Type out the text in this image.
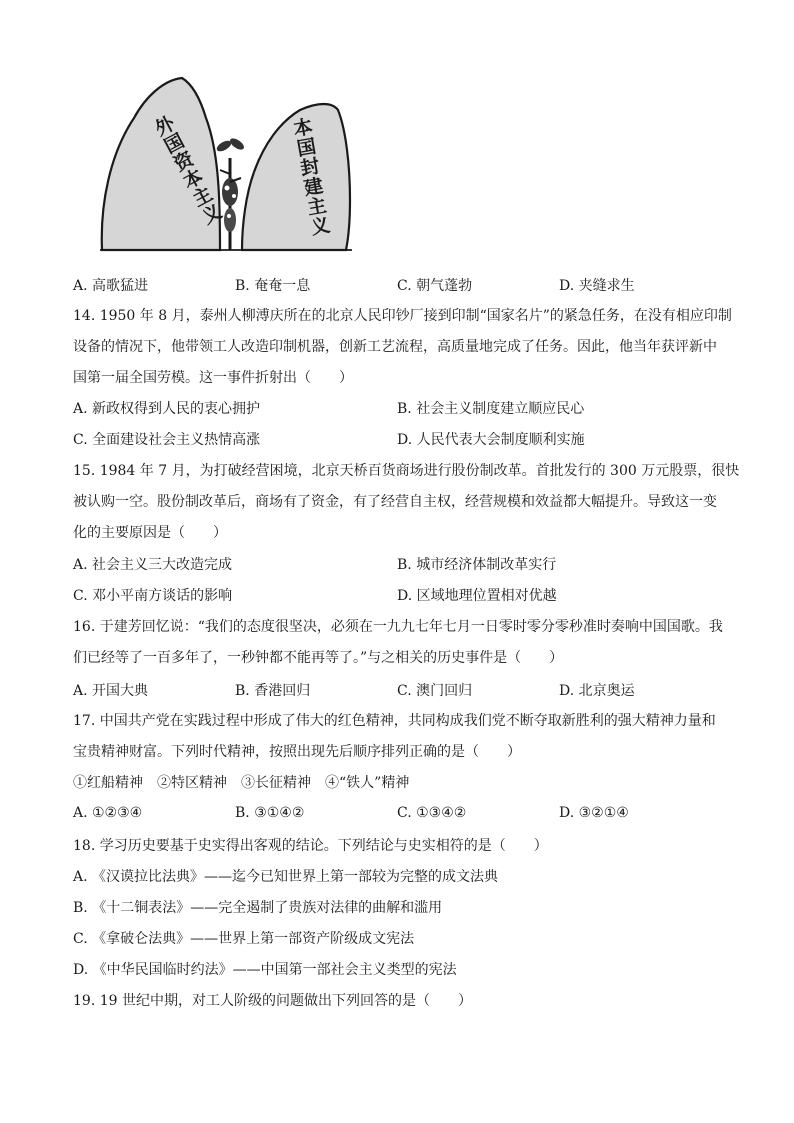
外国资本主义
本国封建主义
A. 高歌猛进	B. 奄奄一息	C. 朝气蓬勃	D. 夹缝求生
14. 1950 年 8 月，泰州人柳溥庆所在的北京人民印钞厂接到印制“国家名片”的紧急任务，在没有相应印制
设备的情况下，他带领工人改造印制机器，创新工艺流程，高质量地完成了任务。因此，他当年获评新中
国第一届全国劳模。这一事件折射出（　　）
A. 新政权得到人民的衷心拥护	B. 社会主义制度建立顺应民心
C. 全面建设社会主义热情高涨	D. 人民代表大会制度顺利实施
15. 1984 年 7 月，为打破经营困境，北京天桥百货商场进行股份制改革。首批发行的 300 万元股票，很快
被认购一空。股份制改革后，商场有了资金，有了经营自主权，经营规模和效益都大幅提升。导致这一变
化的主要原因是（　　）
A. 社会主义三大改造完成	B. 城市经济体制改革实行
C. 邓小平南方谈话的影响	D. 区域地理位置相对优越
16. 于建芳回忆说：“我们的态度很坚决，必须在一九九七年七月一日零时零分零秒准时奏响中国国歌。我
们已经等了一百多年了，一秒钟都不能再等了。”与之相关的历史事件是（　　）
A. 开国大典	B. 香港回归	C. 澳门回归	D. 北京奥运
17. 中国共产党在实践过程中形成了伟大的红色精神，共同构成我们党不断夺取新胜利的强大精神力量和
宝贵精神财富。下列时代精神，按照出现先后顺序排列正确的是（　　）
①红船精神　②特区精神　③长征精神　④“铁人”精神
A. ①②③④	B. ③①④②	C. ①③④②	D. ③②①④
18. 学习历史要基于史实得出客观的结论。下列结论与史实相符的是（　　）
A. 《汉谟拉比法典》——迄今已知世界上第一部较为完整的成文法典
B. 《十二铜表法》——完全遏制了贵族对法律的曲解和滥用
C. 《拿破仑法典》——世界上第一部资产阶级成文宪法
D. 《中华民国临时约法》——中国第一部社会主义类型的宪法
19. 19 世纪中期，对工人阶级的问题做出下列回答的是（　　）
